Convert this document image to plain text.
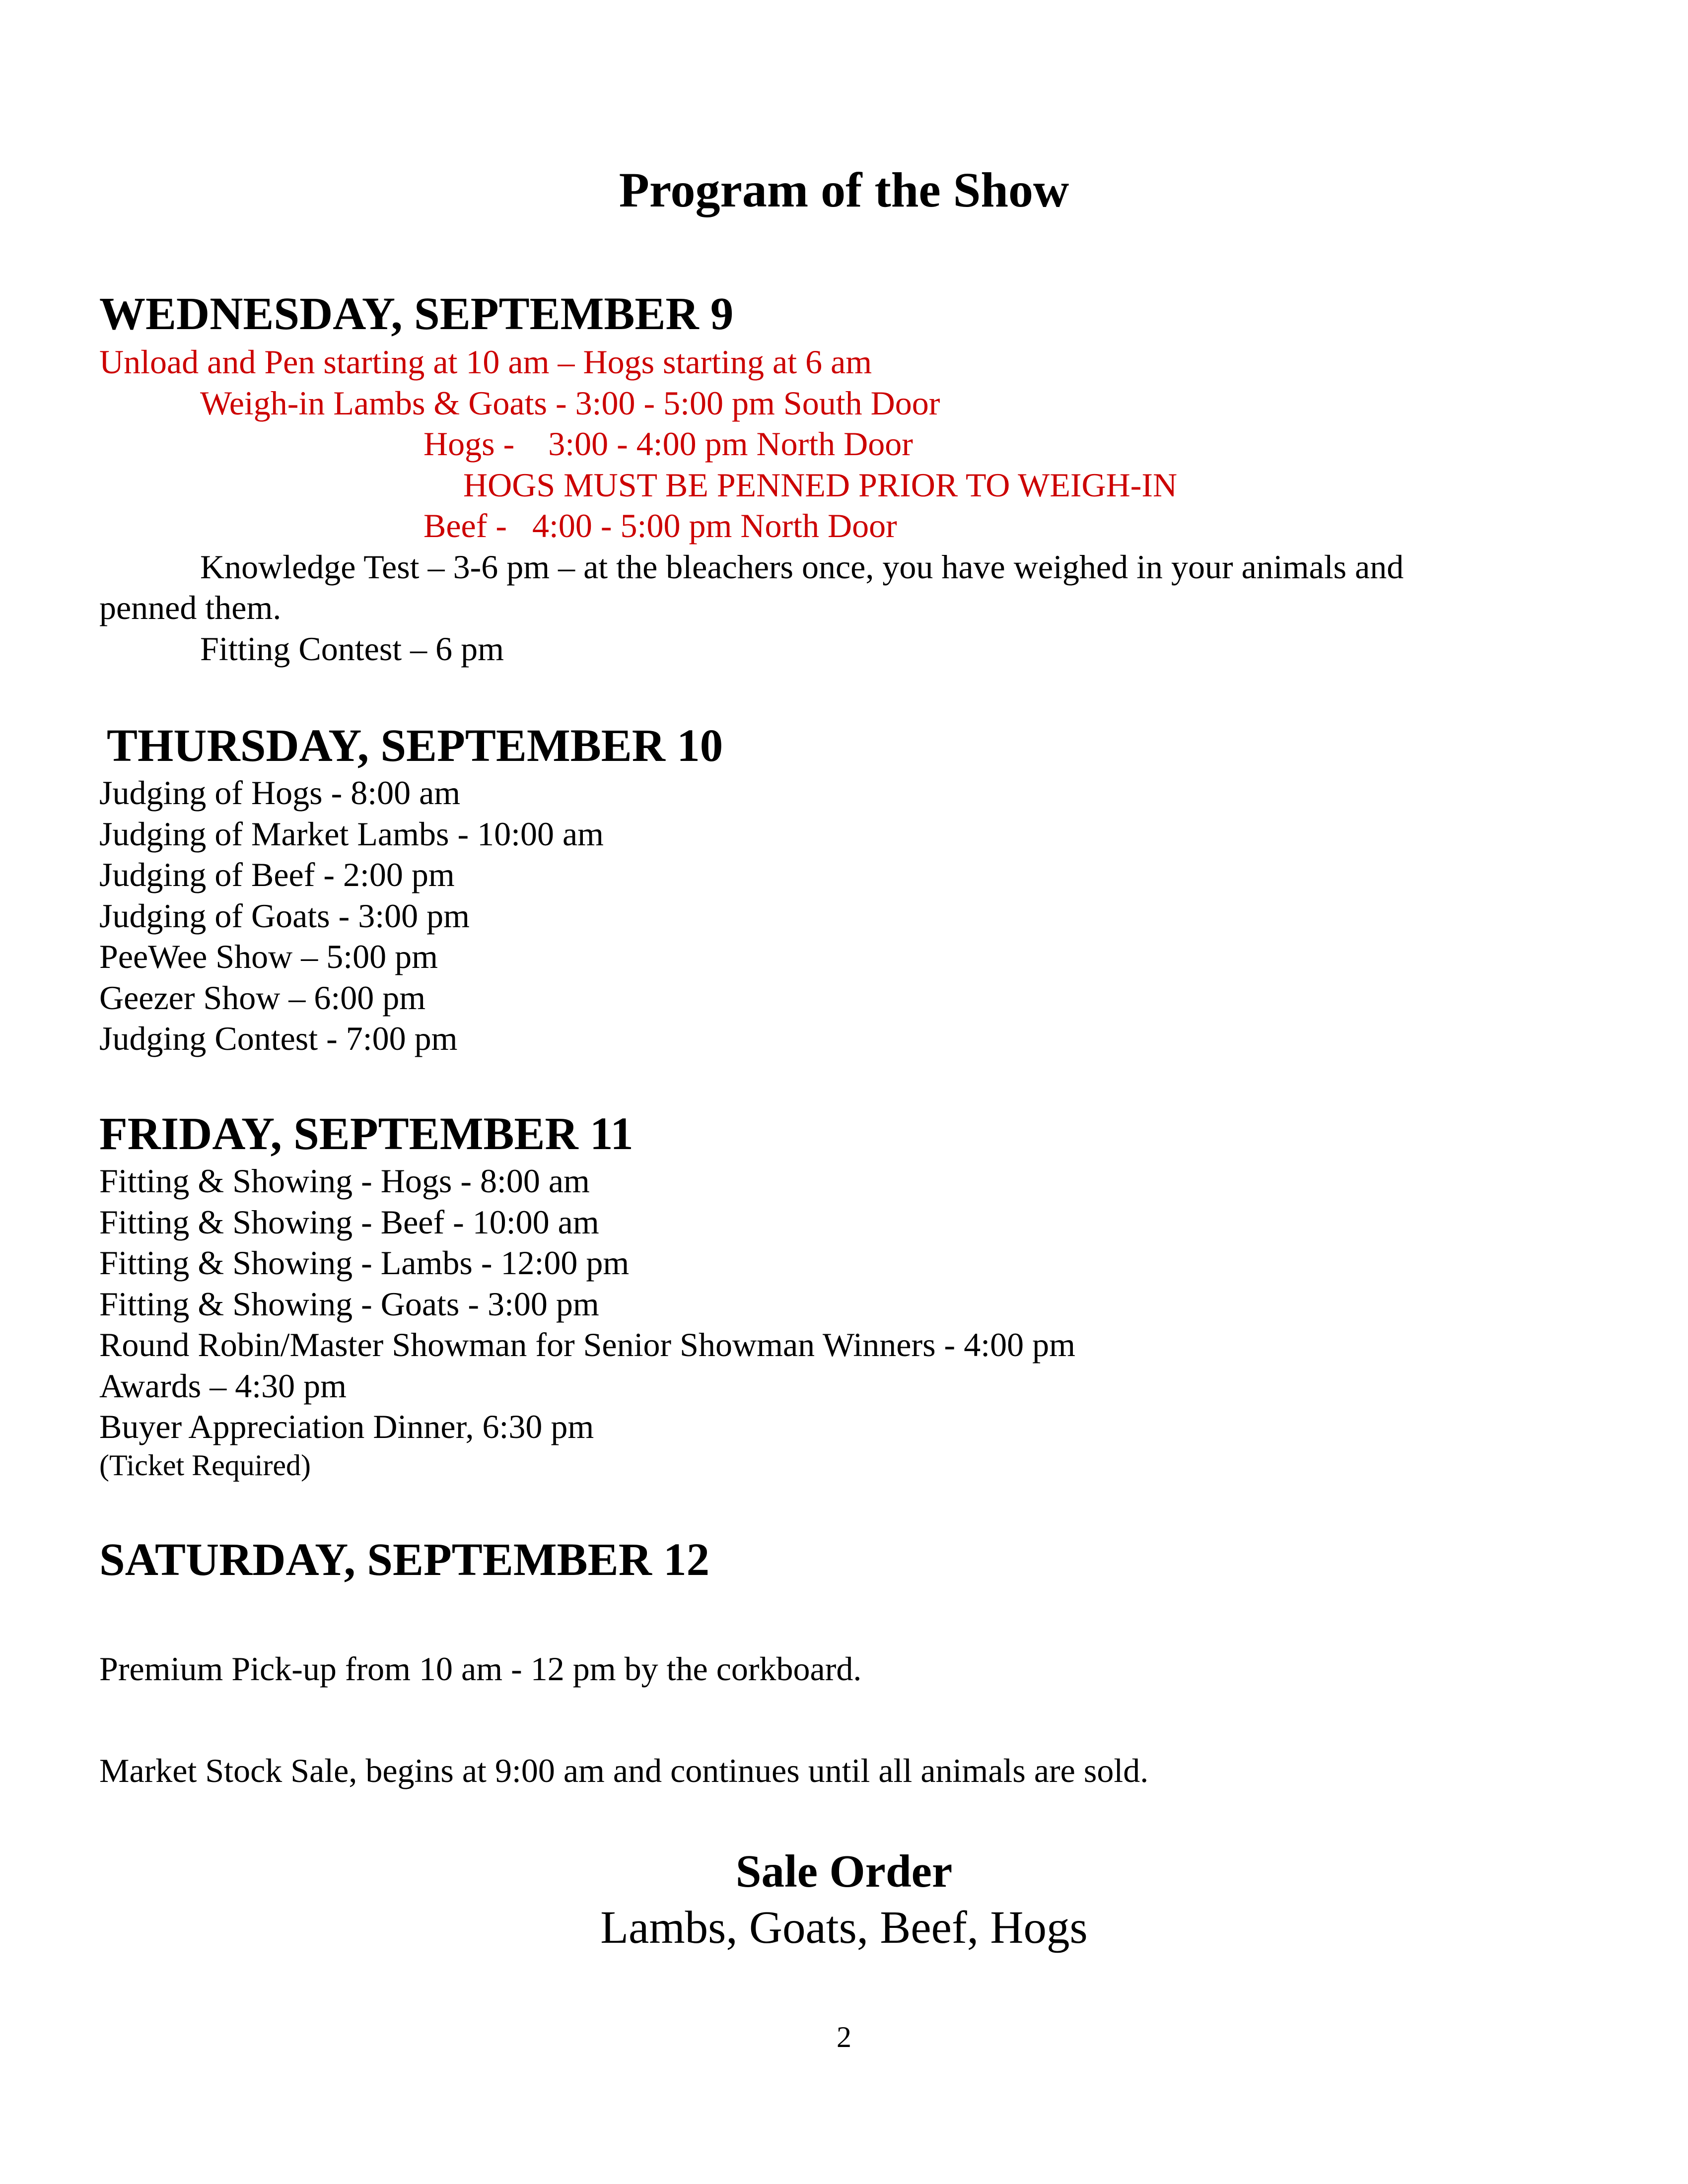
Program of the Show
WEDNESDAY, SEPTEMBER 9
Unload and Pen starting at 10 am – Hogs starting at 6 am
Weigh-in Lambs & Goats - 3:00 - 5:00 pm South Door
Hogs -    3:00 - 4:00 pm North Door
HOGS MUST BE PENNED PRIOR TO WEIGH-IN
Beef -   4:00 - 5:00 pm North Door
Knowledge Test – 3-6 pm – at the bleachers once, you have weighed in your animals and
penned them.
Fitting Contest – 6 pm
THURSDAY, SEPTEMBER 10
Judging of Hogs - 8:00 am
Judging of Market Lambs - 10:00 am
Judging of Beef - 2:00 pm
Judging of Goats - 3:00 pm
PeeWee Show – 5:00 pm
Geezer Show – 6:00 pm
Judging Contest - 7:00 pm
FRIDAY, SEPTEMBER 11
Fitting & Showing - Hogs - 8:00 am
Fitting & Showing - Beef - 10:00 am
Fitting & Showing - Lambs - 12:00 pm
Fitting & Showing - Goats - 3:00 pm
Round Robin/Master Showman for Senior Showman Winners - 4:00 pm
Awards – 4:30 pm
Buyer Appreciation Dinner, 6:30 pm
(Ticket Required)
SATURDAY, SEPTEMBER 12
Premium Pick-up from 10 am - 12 pm by the corkboard.
Market Stock Sale, begins at 9:00 am and continues until all animals are sold.
Sale Order
Lambs, Goats, Beef, Hogs
2
